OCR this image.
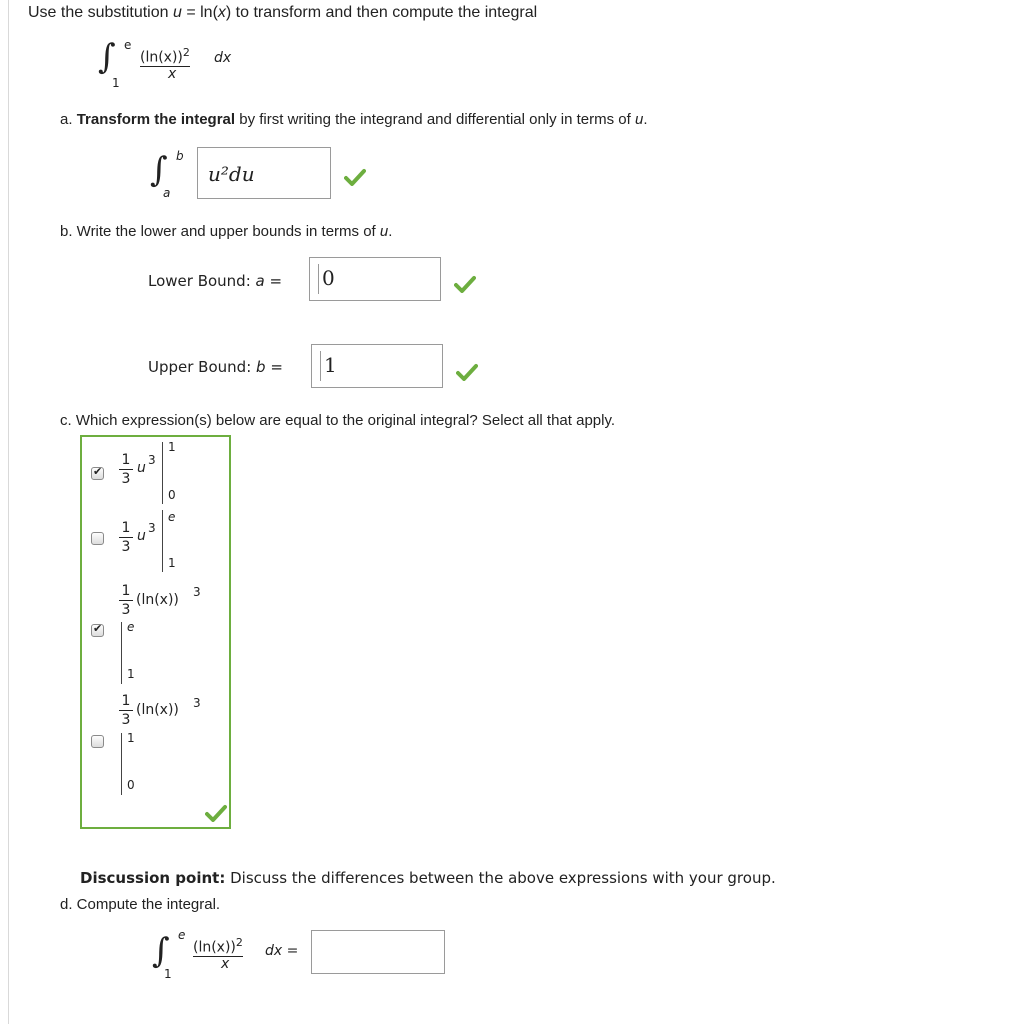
Use the substitution u = ln(x) to transform and then compute the integral
∫ e
1
$(\ln(x))^2$
x
dx
a. Transform the integral by first writing the integrand and differential only in terms of u.
∫ b
a
u²du
b. Write the lower and upper bounds in terms of u.
Lower Bound: a = 0
Upper Bound: b = 1
c. Which expression(s) below are equal to the original integral? Select all that apply.
✔
1
3
u 3
1
0
1
3
u 3
e
1
1
3
(ln(x)) 3
✔
e
1
1
3
(ln(x)) 3
1
0
Discussion point: Discuss the differences between the above expressions with your group.
d. Compute the integral.
∫ e
1
$(\ln(x))^2$
x
dx =
